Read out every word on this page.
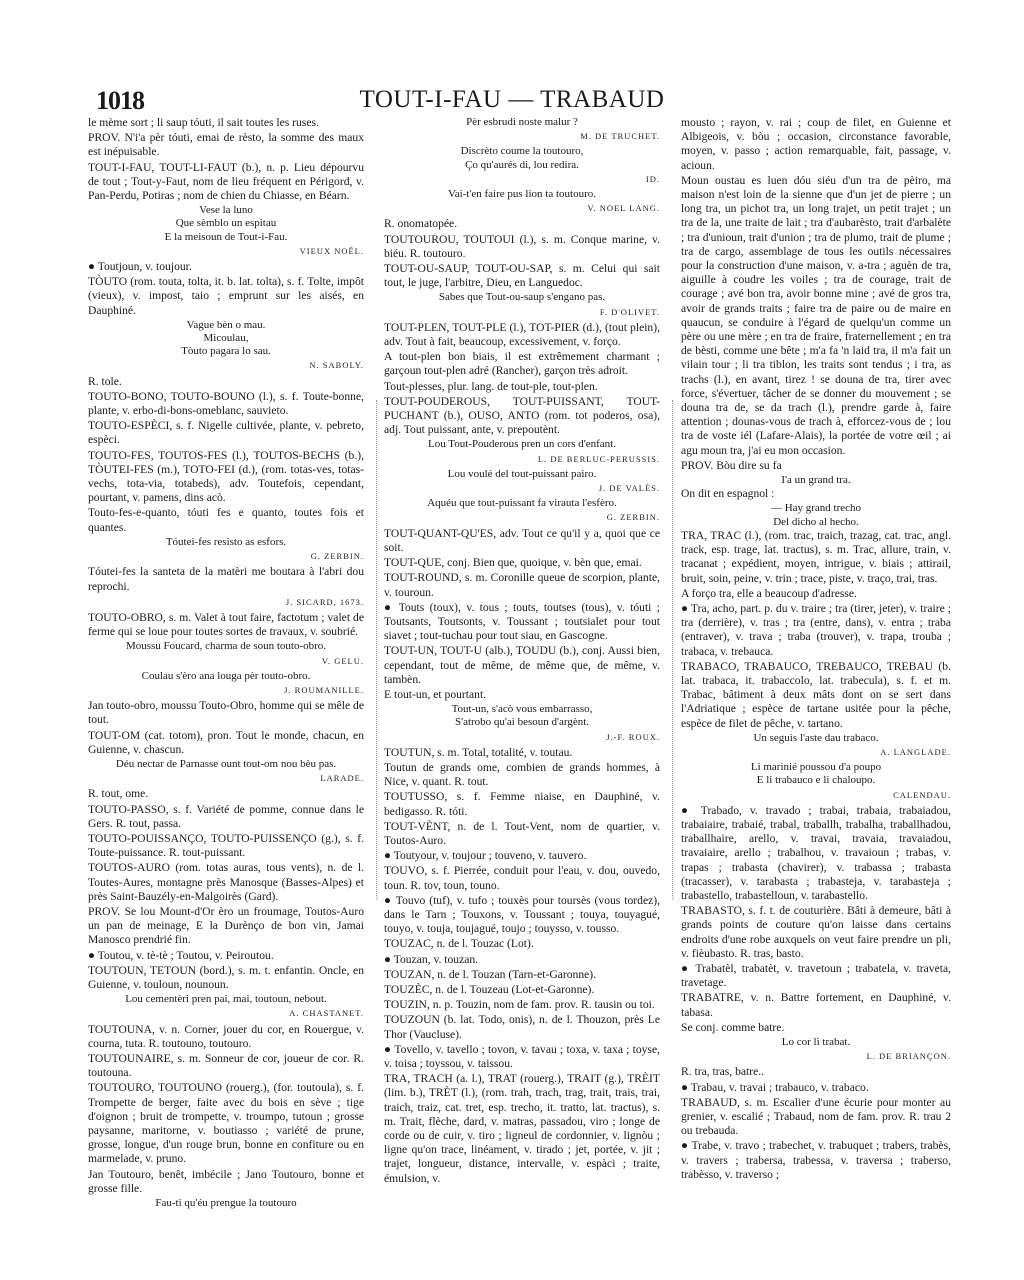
1018	TOUT-I-FAU — TRABAUD
le mème sort ; li saup tóuti, il sait toutes les ruses.
PROV. N'i'a pèr tóuti, emai de rèsto, la somme des maux est inépuisable.
TOUT-I-FAU, TOUT-LI-FAUT (b.), n. p. Lieu dépourvu de tout ; Tout-y-Faut, nom de lieu fréquent en Périgord, v. Pan-Perdu, Potiras ; nom de chien du Chiasse, en Béarn.
Vese la luno
Que sèmblo un espitau
E la meisoun de Tout-i-Fau.
VIEUX NOËL.
● Toutjoun, v. toujour.
TÒUTO (rom. touta, tolta, it. b. lat. tolta), s. f. Tolte, impôt (vieux), v. impost, taio ; emprunt sur les aisés, en Dauphiné.
Vague bèn o mau.
Micoulau,
Tòuto pagara lo sau.
N. SABOLY.
R. tole.
TOUTO-BONO, TOUTO-BOUNO (l.), s. f. Toute-bonne, plante, v. erbo-di-bons-omeblanc, sauvieto.
TOUTO-ESPÈCI, s. f. Nigelle cultivée, plante, v. pebreto, espèci.
TOUTO-FES, TOUTOS-FES (l.), TOUTOS-BECHS (b.), TÒUTEI-FES (m.), TOTO-FEI (d.), (rom. totas-ves, totas-vechs, tota-via, totabeds), adv. Toutefois, cependant, pourtant, v. pamens, dins acò.
Touto-fes-e-quanto, tóuti fes e quanto, toutes fois et quantes.
Tóutei-fes resisto as esfors.
G. ZERBIN.
Tóutei-fes la santeta de la matèri me boutara à l'abri dou reprochi.
J. SICARD, 1673.
TOUTO-OBRO, s. m. Valet à tout faire, factotum ; valet de ferme qui se loue pour toutes sortes de travaux, v. soubrié.
Moussu Foucard, charma de soun touto-obro.
V. GELU.
Coulau s'èro ana louga pèr touto-obro.
J. ROUMANILLE.
Jan touto-obro, moussu Touto-Obro, homme qui se mêle de tout.
TOUT-OM (cat. totom), pron. Tout le monde, chacun, en Guienne, v. chascun.
Déu nectar de Parnasse ount tout-om nou bèu pas.
LARADE.
R. tout, ome.
TOUTO-PASSO, s. f. Variété de pomme, connue dans le Gers. R. tout, passa.
TOUTO-POUISSANÇO, TOUTO-PUISSENÇO (g.), s. f. Toute-puissance. R. tout-puissant.
TOUTOS-AURO (rom. totas auras, tous vents), n. de l. Toutes-Aures, montagne près Manosque (Basses-Alpes) et près Saint-Bauzély-en-Malgoirès (Gard).
PROV. Se lou Mount-d'Or èro un froumage, Toutos-Auro un pan de meinage, E la Durènço de bon vin, Jamai Manosco prendrié fin.
● Toutou, v. tè-tè ; Toutou, v. Peiroutou.
TOUTOUN, TETOUN (bord.), s. m. t. enfantin. Oncle, en Guienne, v. touloun, nounoun.
Lou cementèri pren pai, mai, toutoun, nebout.
A. CHASTANET.
TOUTOUNA, v. n. Corner, jouer du cor, en Rouergue, v. courna, tuta. R. toutouno, toutouro.
TOUTOUNAIRE, s. m. Sonneur de cor, joueur de cor. R. toutouna.
TOUTOURO, TOUTOUNO (rouerg.), (for. toutoula), s. f. Trompette de berger, faite avec du bois en sève ; tige d'oignon ; bruit de trompette, v. troumpo, tutoun ; grosse paysanne, maritorne, v. boutiasso ; variété de prune, grosse, longue, d'un rouge brun, bonne en confiture ou en marmelade, v. pruno.
Jan Toutouro, benêt, imbécile ; Jano Toutouro, bonne et grosse fille.
Fau-ti qu'éu prengue la toutouro
Pèr esbrudi noste malur ?
M. DE TRUCHET.
Discrèto coume la toutouro,
Ço qu'aurés di, lou redira.
ID.
Vai-t'en faire pus lion ta toutouro.
V. NOEL LANG.
R. onomatopée.
TOUTOUROU, TOUTOUI (l.), s. m. Conque marine, v. biéu. R. toutouro.
TOUT-OU-SAUP, TOUT-OU-SAP, s. m. Celui qui sait tout, le juge, l'arbitre, Dieu, en Languedoc.
Sabes que Tout-ou-saup s'engano pas.
F. D'OLIVET.
TOUT-PLEN, TOUT-PLE (l.), TOT-PIER (d.), (tout plein), adv. Tout à fait, beaucoup, excessivement, v. forço.
A tout-plen bon biais, il est extrêmement charmant ; garçoun tout-plen adré (Rancher), garçon très adroit.
Tout-plesses, plur. lang. de tout-ple, tout-plen.
TOUT-POUDEROUS, TOUT-PUISSANT, TOUT-PUCHANT (b.), OUSO, ANTO (rom. tot poderos, osa), adj. Tout puissant, ante, v. prepoutènt.
Lou Tout-Pouderous pren un cors d'enfant.
L. DE BERLUC-PERUSSIS.
Lou voulé del tout-puissant pairo.
J. DE VALÈS.
Aquéu que tout-puissant fa virauta l'esfèro.
G. ZERBIN.
TOUT-QUANT-QU'ES, adv. Tout ce qu'il y a, quoi que ce soit.
TOUT-QUE, conj. Bien que, quoique, v. bèn que, emai.
TOUT-ROUND, s. m. Coronille queue de scorpion, plante, v. touroun.
● Touts (toux), v. tous ; touts, toutses (tous), v. tóuti ; Toutsants, Toutsonts, v. Toussant ; toutsialet pour tout siavet ; tout-tuchau pour tout siau, en Gascogne.
TOUT-UN, TOUT-U (alb.), TOUDU (b.), conj. Aussi bien, cependant, tout de même, de même que, de même, v. tambèn.
E tout-un, et pourtant.
Tout-un, s'acò vous embarrasso,
S'atrobo qu'ai besoun d'argènt.
J.-F. ROUX.
TOUTUN, s. m. Total, totalité, v. toutau.
Toutun de grands ome, combien de grands hommes, à Nice, v. quant. R. tout.
TOUTUSSO, s. f. Femme niaise, en Dauphiné, v. bedigasso. R. tóti.
TOUT-VÈNT, n. de l. Tout-Vent, nom de quartier, v. Toutos-Auro.
● Toutyour, v. toujour ; touveno, v. tauvero.
TOUVO, s. f. Pierrée, conduit pour l'eau, v. dou, ouvedo, toun. R. tov, toun, touno.
● Touvo (tuf), v. tufo ; touxès pour toursès (vous tordez), dans le Tarn ; Touxons, v. Toussant ; touya, touyagué, touyo, v. touja, toujagué, toujo ; touysso, v. tousso.
TOUZAC, n. de l. Touzac (Lot).
● Touzan, v. touzan.
TOUZAN, n. de l. Touzan (Tarn-et-Garonne).
TOUZÈC, n. de l. Touzeau (Lot-et-Garonne).
TOUZIN, n. p. Touzin, nom de fam. prov. R. tausin ou toi.
TOUZOUN (b. lat. Todo, onis), n. de l. Thouzon, près Le Thor (Vaucluse).
● Tovello, v. tavello ; tovon, v. tavau ; toxa, v. taxa ; toyse, v. toisa ; toyssou, v. taissou.
TRA, TRACH (a. l.), TRAT (rouerg.), TRAIT (g.), TRÈIT (lim. b.), TRÈT (l.), (rom. trah, trach, trag, trait, trais, trai, traich, traiz, cat. tret, esp. trecho, it. tratto, lat. tractus), s. m. Trait, flèche, dard, v. matras, passadou, viro ; longe de corde ou de cuir, v. tiro ; ligneul de cordonnier, v. lignòu ; ligne qu'on trace, linéament, v. tirado ; jet, portée, v. jit ; trajet, longueur, distance, intervalle, v. espàci ; traite, émulsion, v.
mousto ; rayon, v. rai ; coup de filet, en Guienne et Albigeois, v. bòu ; occasion, circonstance favorable, moyen, v. passo ; action remarquable, fait, passage, v. acioun.
Moun oustau es luen dóu siéu d'un tra de pèiro, ma maison n'est loin de la sienne que d'un jet de pierre ; un long tra, un pichot tra, un long trajet, un petit trajet ; un tra de la, une traite de lait ; tra d'aubarèsto, trait d'arbalète ; tra d'unioun, trait d'union ; tra de plumo, trait de plume ; tra de cargo, assemblage de tous les outils nécessaires pour la construction d'une maison, v. a-tra ; aguèn de tra, aiguille à coudre les voiles ; tra de courage, trait de courage ; avé bon tra, avoir bonne mine ; avé de gros tra, avoir de grands traits ; faire tra de paire ou de maire en quaucun, se conduire à l'égard de quelqu'un comme un père ou une mère ; en tra de fraire, fraternellement ; en tra de bèsti, comme une bête ; m'a fa 'n laid tra, il m'a fait un vilain tour ; li tra tiblon, les traits sont tendus ; i tra, as trachs (l.), en avant, tirez ! se douna de tra, tirer avec force, s'évertuer, tâcher de se donner du mouvement ; se douna tra de, se da trach (l.), prendre garde à, faire attention ; dounas-vous de trach à, efforcez-vous de ; lou tra de voste iél (Lafare-Alais), la portée de votre œil ; ai agu moun tra, j'ai eu mon occasion.
PROV. Bòu dire su fa
I'a un grand tra.
On dit en espagnol :
— Hay grand trecho
Del dicho al hecho.
TRA, TRAC (l.), (rom. trac, traich, trazag, cat. trac, angl. track, esp. trage, lat. tractus), s. m. Trac, allure, train, v. tracanat ; expédient, moyen, intrigue, v. biais ; attirail, bruit, soin, peine, v. trin ; trace, piste, v. traço, trai, tras.
A forço tra, elle a beaucoup d'adresse.
● Tra, acho, part. p. du v. traire ; tra (tirer, jeter), v. traire ; tra (derrière), v. tras ; tra (entre, dans), v. entra ; traba (entraver), v. trava ; traba (trouver), v. trapa, trouba ; trabaca, v. trebauca.
TRABACO, TRABAUCO, TREBAUCO, TREBAU (b. lat. trabaca, it. trabaccolo, lat. trabecula), s. f. et m. Trabac, bâtiment à deux mâts dont on se sert dans l'Adriatique ; espèce de tartane usitée pour la pêche, espèce de filet de pêche, v. tartano.
Un seguis l'aste dau trabaco.
A. LANGLADE.
Li marinié poussou d'a poupo
E li trabauco e li chaloupo.
CALENDAU.
● Trabado, v. travado ; trabai, trabaia, trabaiadou, trabaiaire, trabaié, trabal, traballh, trabalha, traballhadou, traballhaire, arello, v. travai, travaia, travaiadou, travaiaire, arello ; trabalhou, v. travaioun ; trabas, v. trapas ; trabasta (chavirer), v. trabassa ; trabasta (tracasser), v. tarabasta ; trabasteja, v. tarabasteja ; trabastello, trabastelloun, v. tarabastello.
TRABASTO, s. f. t. de couturière. Bâti à demeure, bâti à grands points de couture qu'on laisse dans certains endroits d'une robe auxquels on veut faire prendre un pli, v. fièubasto. R. tras, basto.
● Trabatèl, trabatèt, v. travetoun ; trabatela, v. traveta, travetage.
TRABATRE, v. n. Battre fortement, en Dauphiné, v. tabasa.
Se conj. comme batre.
Lo cor li trabat.
L. DE BRIANÇON.
R. tra, tras, batre..
● Trabau, v. travai ; trabauco, v. trabaco.
TRABAUD, s. m. Escalier d'une écurie pour monter au grenier, v. escalié ; Trabaud, nom de fam. prov. R. trau 2 ou trebauda.
● Trabe, v. travo ; trabechet, v. trabuquet ; trabers, trabès, v. travers ; trabersa, trabessa, v. traversa ; traberso, trabèsso, v. traverso ;
